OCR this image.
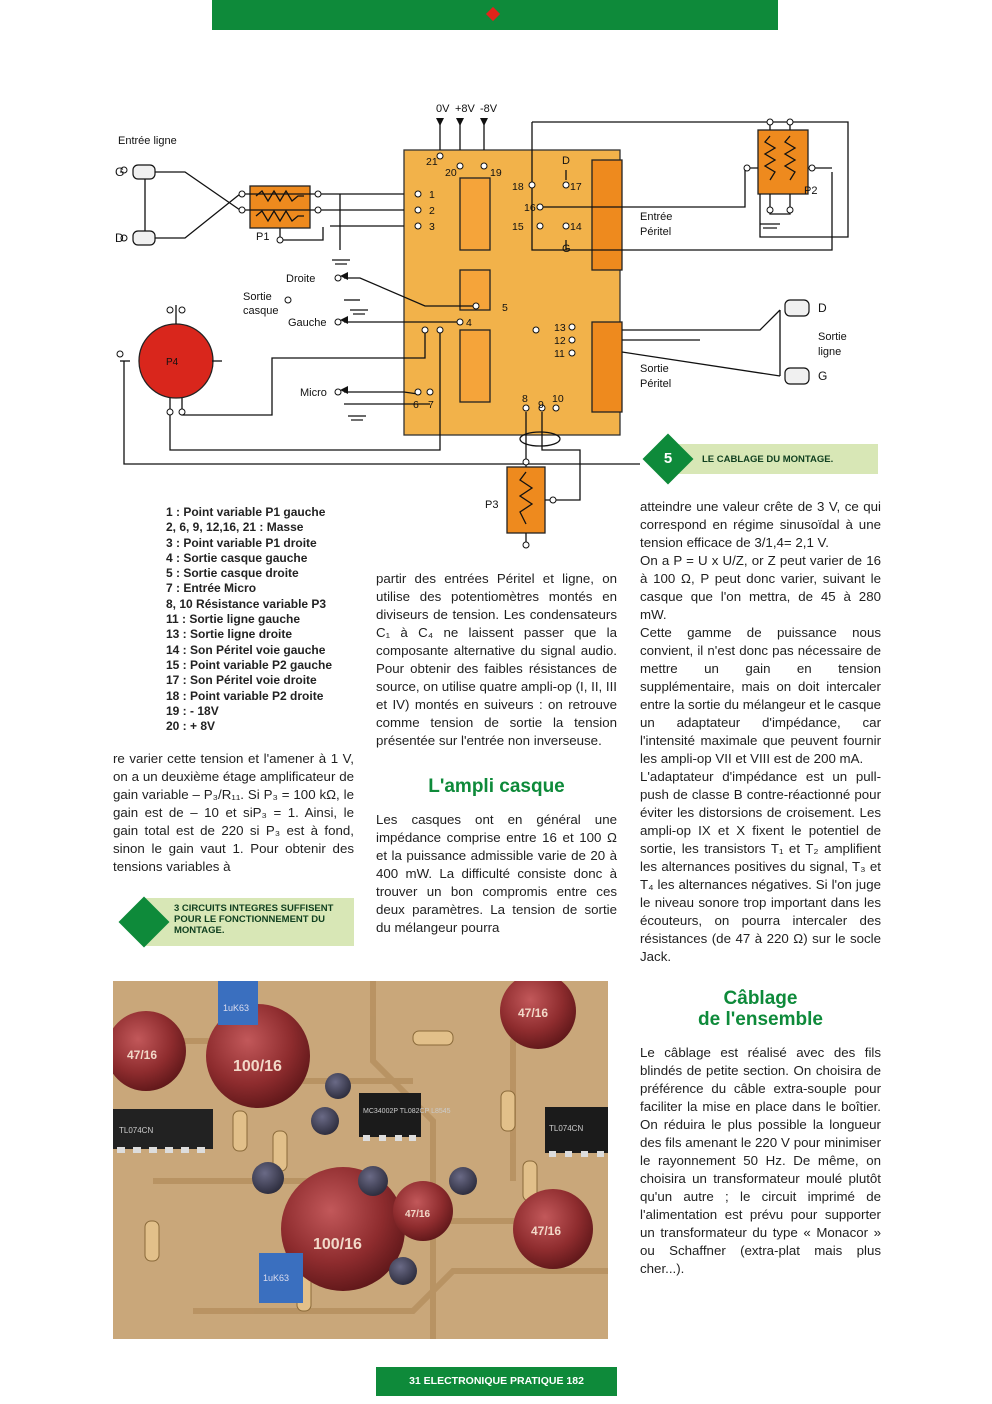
Entrée ligne
G
D	P1
P2
P3
P4
0V +8V -8V
Droite
Sortie
casque
Gauche
Micro
Entrée
Péritel
Sortie
Péritel
Sortie
ligne
D
G
D
G
21
20	19
18	17
16
15	14
1
2
3
4
5
6 7	8 9 10
13
12
11
1 : Point variable P1 gauche
2, 6, 9, 12,16, 21 : Masse
3 : Point variable P1 droite
4 : Sortie casque gauche
5 : Sortie casque droite
7 : Entrée Micro
8, 10 Résistance variable P3
11 : Sortie ligne gauche
13 : Sortie ligne droite
14 : Son Péritel voie gauche
15 : Point variable P2 gauche
17 : Son Péritel voie droite
18 : Point variable P2 droite
19 : - 18V
20 : + 8V

re varier cette tension et l'amener à 1 V, on a un deuxième étage amplificateur de gain variable – P₃/R₁₁. Si P₃ = 100 kΩ, le gain est de – 10 et siP₃ = 1. Ainsi, le gain total est de 220 si P₃ est à fond, sinon le gain vaut 1. Pour obtenir des tensions variables à

3 CIRCUITS INTEGRES SUFFISENT POUR LE FONCTIONNEMENT DU MONTAGE.

partir des entrées Péritel et ligne, on utilise des potentiomètres montés en diviseurs de tension. Les condensateurs C₁ à C₄ ne laissent passer que la composante alternative du signal audio. Pour obtenir des faibles résistances de source, on utilise quatre ampli-op (I, II, III et IV) montés en suiveurs : on retrouve comme tension de sortie la tension présentée sur l'entrée non inverseuse.

L'ampli casque

Les casques ont en général une impédance comprise entre 16 et 100 Ω et la puissance admissible varie de 20 à 400 mW. La difficulté consiste donc à trouver un bon compromis entre ces deux paramètres. La tension de sortie du mélangeur pourra

5	LE CABLAGE DU MONTAGE.

atteindre une valeur crête de 3 V, ce qui correspond en régime sinusoïdal à une tension efficace de 3/1,4= 2,1 V.

On a P = U x U/Z, or Z peut varier de 16 à 100 Ω, P peut donc varier, suivant le casque que l'on mettra, de 45 à 280 mW.

Cette gamme de puissance nous convient, il n'est donc pas nécessaire de mettre un gain en tension supplémentaire, mais on doit intercaler entre la sortie du mélangeur et le casque un adaptateur d'impédance, car l'intensité maximale que peuvent fournir les ampli-op VII et VIII est de 200 mA.

L'adaptateur d'impédance est un pull-push de classe B contre-réactionné pour éviter les distorsions de croisement. Les ampli-op IX et X fixent le potentiel de sortie, les transistors T₁ et T₂ amplifient les alternances positives du signal, T₃ et T₄ les alternances négatives. Si l'on juge le niveau sonore trop important dans les écouteurs, on pourra intercaler des résistances (de 47 à 220 Ω) sur le socle Jack.

Câblage
de l'ensemble

Le câblage est réalisé avec des fils blindés de petite section. On choisira de préférence du câble extra-souple pour faciliter la mise en place dans le boîtier. On réduira le plus possible la longueur des fils amenant le 220 V pour minimiser le rayonnement 50 Hz. De même, on choisira un transformateur moulé plutôt qu'un autre ; le circuit imprimé de l'alimentation est prévu pour supporter un transformateur du type « Monacor » ou Schaffner (extra-plat mais plus cher...).

TL074CN
MC34002P TL082CP L8545
TL074CN
100/16
100/16
47/16
47/16
47/16
47/16
1uK63
1uK63
31 ELECTRONIQUE PRATIQUE 182
